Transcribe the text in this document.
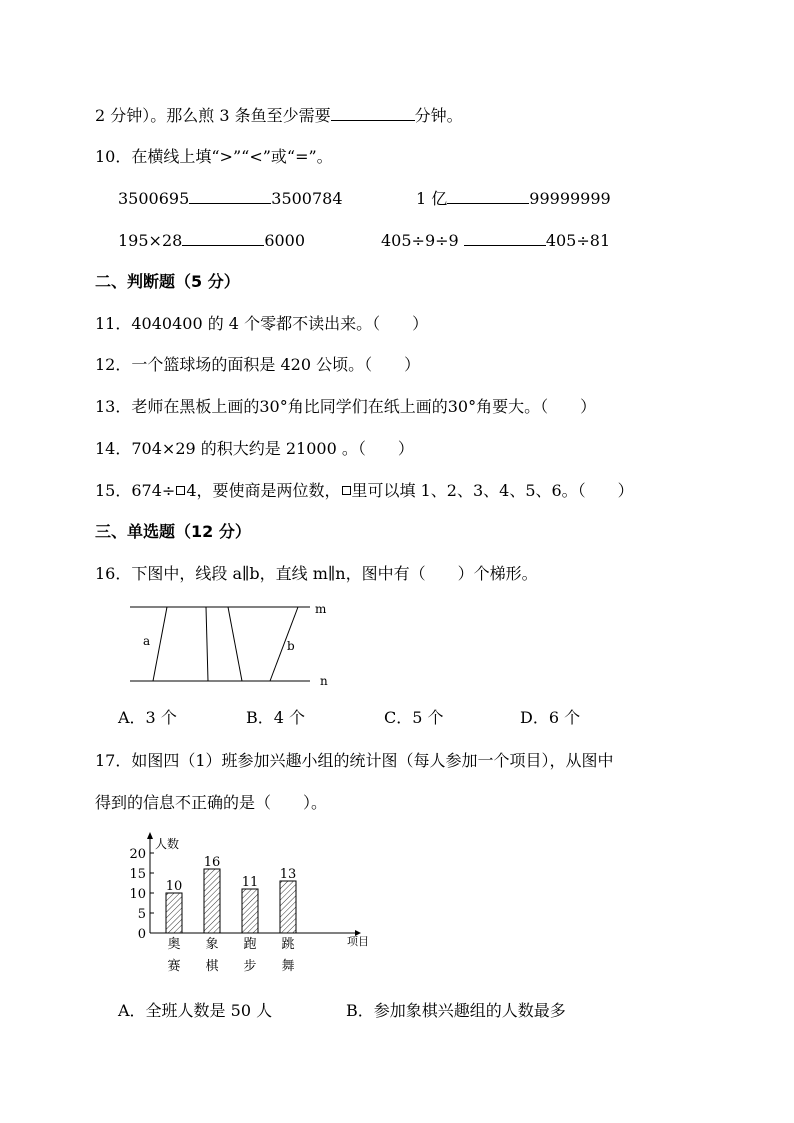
2 分钟）。那么煎 3 条鱼至少需要	分钟。
10．在横线上填“>”“<”或“=”。
3500695	3500784	1 亿	99999999
195×28	6000	405÷9÷9	405÷81
二、判断题（5 分）
11．4040400 的 4 个零都不读出来。（　　）
12．一个篮球场的面积是 420 公顷。（　　）
13．老师在黑板上画的30°角比同学们在纸上画的30°角要大。（　　）
14．704×29 的积大约是 21000 。（　　）
15．674÷ 4，要使商是两位数， 里可以填 1、2、3、4、5、6。（　　）
三、单选题（12 分）
16．下图中，线段 a∥b，直线 m∥n，图中有（　　）个梯形。
a	b
m
n
A．3 个	B．4 个	C．5 个	D．6 个
17．如图四（1）班参加兴趣小组的统计图（每人参加一个项目），从图中
得到的信息不正确的是（　　）。
人数
项目
0
5
10
15
20
10
奥
赛
16
象
棋
11
跑
步
13
跳
舞
A．全班人数是 50 人	B．参加象棋兴趣组的人数最多
